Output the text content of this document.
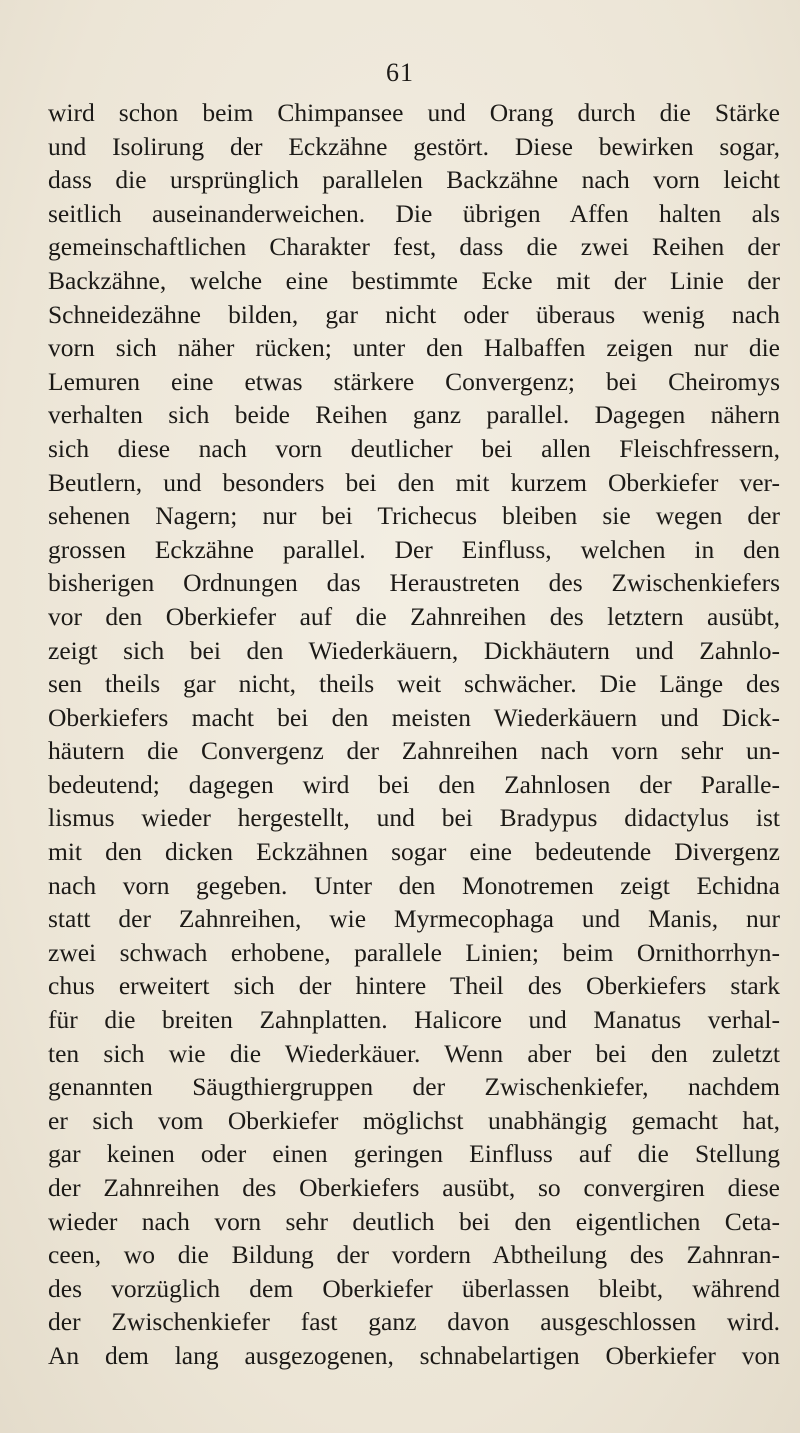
61
wird schon beim Chimpansee und Orang durch die Stärke
und Isolirung der Eckzähne gestört. Diese bewirken sogar,
dass die ursprünglich parallelen Backzähne nach vorn leicht
seitlich auseinanderweichen. Die übrigen Affen halten als
gemeinschaftlichen Charakter fest, dass die zwei Reihen der
Backzähne, welche eine bestimmte Ecke mit der Linie der
Schneidezähne bilden, gar nicht oder überaus wenig nach
vorn sich näher rücken; unter den Halbaffen zeigen nur die
Lemuren eine etwas stärkere Convergenz; bei Cheiromys
verhalten sich beide Reihen ganz parallel. Dagegen nähern
sich diese nach vorn deutlicher bei allen Fleischfressern,
Beutlern, und besonders bei den mit kurzem Oberkiefer ver-
sehenen Nagern; nur bei Trichecus bleiben sie wegen der
grossen Eckzähne parallel. Der Einfluss, welchen in den
bisherigen Ordnungen das Heraustreten des Zwischenkiefers
vor den Oberkiefer auf die Zahnreihen des letztern ausübt,
zeigt sich bei den Wiederkäuern, Dickhäutern und Zahnlo-
sen theils gar nicht, theils weit schwächer. Die Länge des
Oberkiefers macht bei den meisten Wiederkäuern und Dick-
häutern die Convergenz der Zahnreihen nach vorn sehr un-
bedeutend; dagegen wird bei den Zahnlosen der Paralle-
lismus wieder hergestellt, und bei Bradypus didactylus ist
mit den dicken Eckzähnen sogar eine bedeutende Divergenz
nach vorn gegeben. Unter den Monotremen zeigt Echidna
statt der Zahnreihen, wie Myrmecophaga und Manis, nur
zwei schwach erhobene, parallele Linien; beim Ornithorrhyn-
chus erweitert sich der hintere Theil des Oberkiefers stark
für die breiten Zahnplatten. Halicore und Manatus verhal-
ten sich wie die Wiederkäuer. Wenn aber bei den zuletzt
genannten Säugthiergruppen der Zwischenkiefer, nachdem
er sich vom Oberkiefer möglichst unabhängig gemacht hat,
gar keinen oder einen geringen Einfluss auf die Stellung
der Zahnreihen des Oberkiefers ausübt, so convergiren diese
wieder nach vorn sehr deutlich bei den eigentlichen Ceta-
ceen, wo die Bildung der vordern Abtheilung des Zahnran-
des vorzüglich dem Oberkiefer überlassen bleibt, während
der Zwischenkiefer fast ganz davon ausgeschlossen wird.
An dem lang ausgezogenen, schnabelartigen Oberkiefer von
